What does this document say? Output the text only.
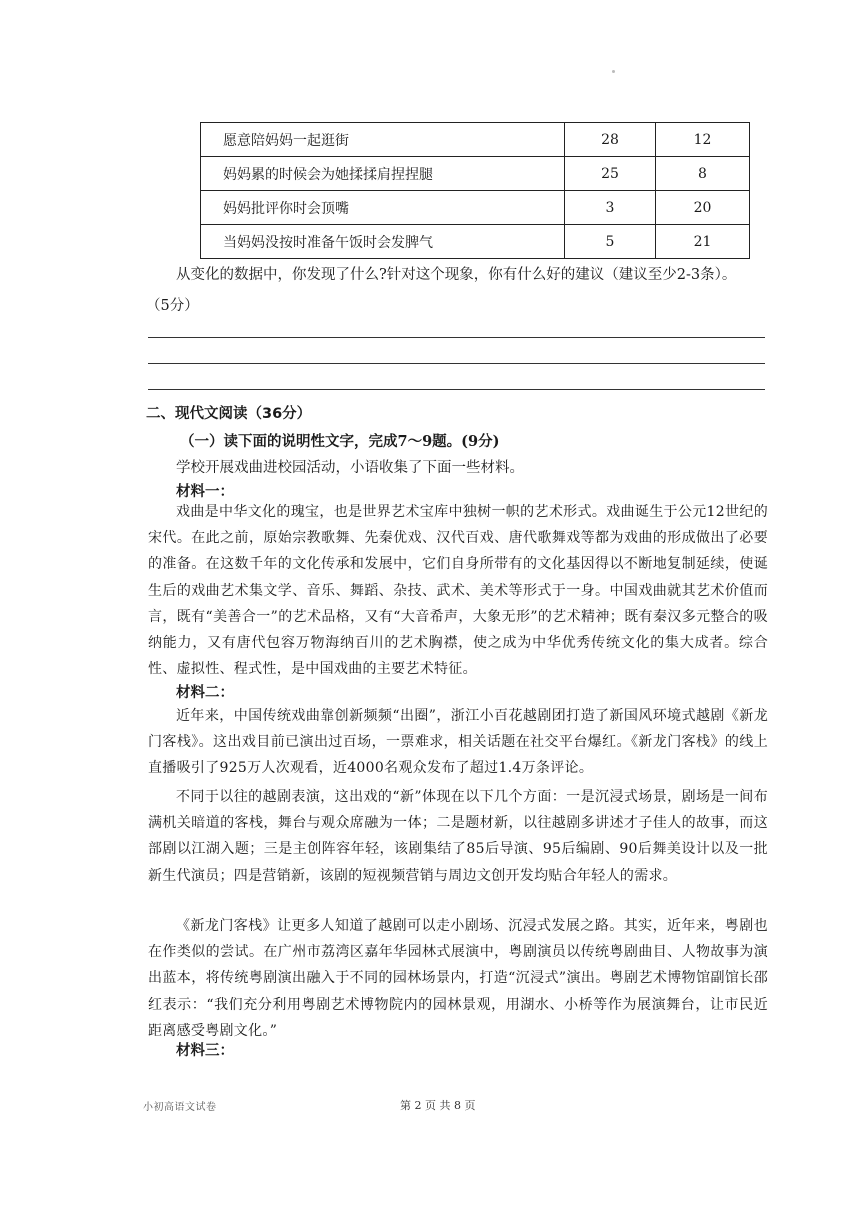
愿意陪妈妈一起逛街	28	12
妈妈累的时候会为她揉揉肩捏捏腿	25	8
妈妈批评你时会顶嘴	3	20
当妈妈没按时准备午饭时会发脾气	5	21
从变化的数据中，你发现了什么?针对这个现象，你有什么好的建议（建议至少2-3条）。
（5分）
二、现代文阅读（36分）
（一）读下面的说明性文字，完成7～9题。(9分)
学校开展戏曲进校园活动，小语收集了下面一些材料。
材料一：
戏曲是中华文化的瑰宝，也是世界艺术宝库中独树一帜的艺术形式。戏曲诞生于公元12世纪的宋代。在此之前，原始宗教歌舞、先秦优戏、汉代百戏、唐代歌舞戏等都为戏曲的形成做出了必要的准备。在这数千年的文化传承和发展中，它们自身所带有的文化基因得以不断地复制延续，使诞生后的戏曲艺术集文学、音乐、舞蹈、杂技、武术、美术等形式于一身。中国戏曲就其艺术价值而言，既有“美善合一”的艺术品格，又有“大音希声，大象无形”的艺术精神；既有秦汉多元整合的吸纳能力，又有唐代包容万物海纳百川的艺术胸襟，使之成为中华优秀传统文化的集大成者。综合性、虚拟性、程式性，是中国戏曲的主要艺术特征。
材料二：
近年来，中国传统戏曲靠创新频频“出圈”，浙江小百花越剧团打造了新国风环境式越剧《新龙门客栈》。这出戏目前已演出过百场，一票难求，相关话题在社交平台爆红。《新龙门客栈》的线上直播吸引了925万人次观看，近4000名观众发布了超过1.4万条评论。
不同于以往的越剧表演，这出戏的“新”体现在以下几个方面：一是沉浸式场景，剧场是一间布满机关暗道的客栈，舞台与观众席融为一体；二是题材新，以往越剧多讲述才子佳人的故事，而这部剧以江湖入题；三是主创阵容年轻，该剧集结了85后导演、95后编剧、90后舞美设计以及一批新生代演员；四是营销新，该剧的短视频营销与周边文创开发均贴合年轻人的需求。
《新龙门客栈》让更多人知道了越剧可以走小剧场、沉浸式发展之路。其实，近年来，粤剧也在作类似的尝试。在广州市荔湾区嘉年华园林式展演中，粤剧演员以传统粤剧曲目、人物故事为演出蓝本，将传统粤剧演出融入于不同的园林场景内，打造“沉浸式”演出。粤剧艺术博物馆副馆长邵红表示：“我们充分利用粤剧艺术博物院内的园林景观，用湖水、小桥等作为展演舞台，让市民近距离感受粤剧文化。”
材料三：
小初高语文试卷	第 2 页 共 8 页
